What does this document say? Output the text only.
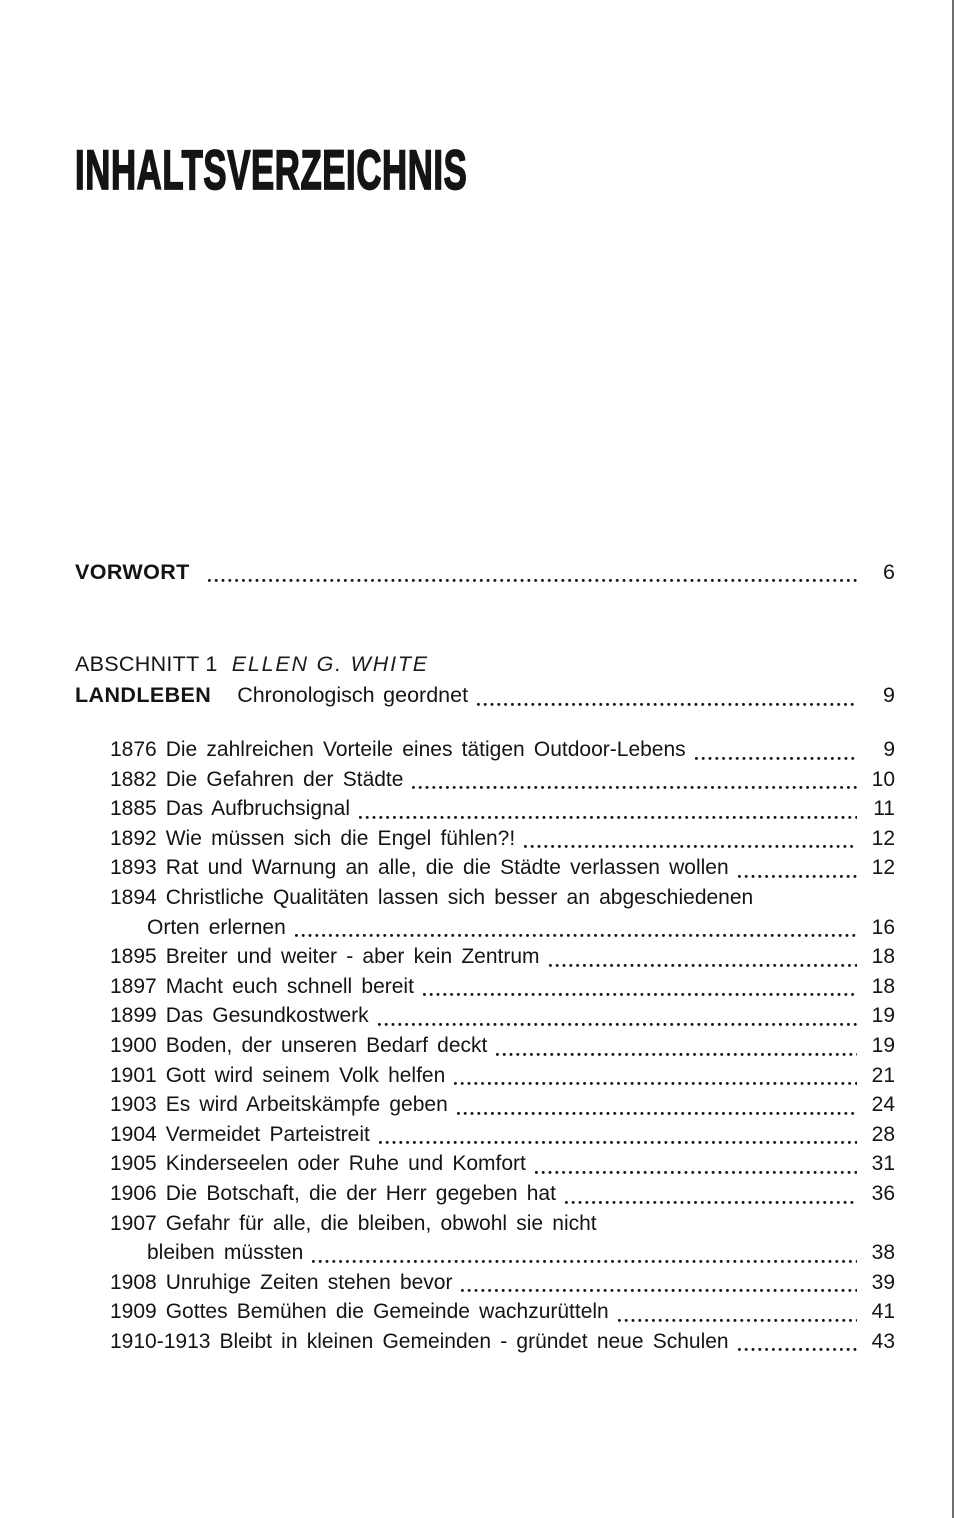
INHALTSVERZEICHNIS
VORWORT	6
ABSCHNITT 1 ELLEN G. WHITE
LANDLEBEN Chronologisch geordnet	9
1876 Die zahlreichen Vorteile eines tätigen Outdoor-Lebens	9
1882 Die Gefahren der Städte	10
1885 Das Aufbruchsignal	11
1892 Wie müssen sich die Engel fühlen?!	12
1893 Rat und Warnung an alle, die die Städte verlassen wollen	12
1894 Christliche Qualitäten lassen sich besser an abgeschiedenen
Orten erlernen	16
1895 Breiter und weiter - aber kein Zentrum	18
1897 Macht euch schnell bereit	18
1899 Das Gesundkostwerk	19
1900 Boden, der unseren Bedarf deckt	19
1901 Gott wird seinem Volk helfen	21
1903 Es wird Arbeitskämpfe geben	24
1904 Vermeidet Parteistreit	28
1905 Kinderseelen oder Ruhe und Komfort	31
1906 Die Botschaft, die der Herr gegeben hat	36
1907 Gefahr für alle, die bleiben, obwohl sie nicht
bleiben müssten	38
1908 Unruhige Zeiten stehen bevor	39
1909 Gottes Bemühen die Gemeinde wachzurütteln	41
1910-1913 Bleibt in kleinen Gemeinden - gründet neue Schulen	43
